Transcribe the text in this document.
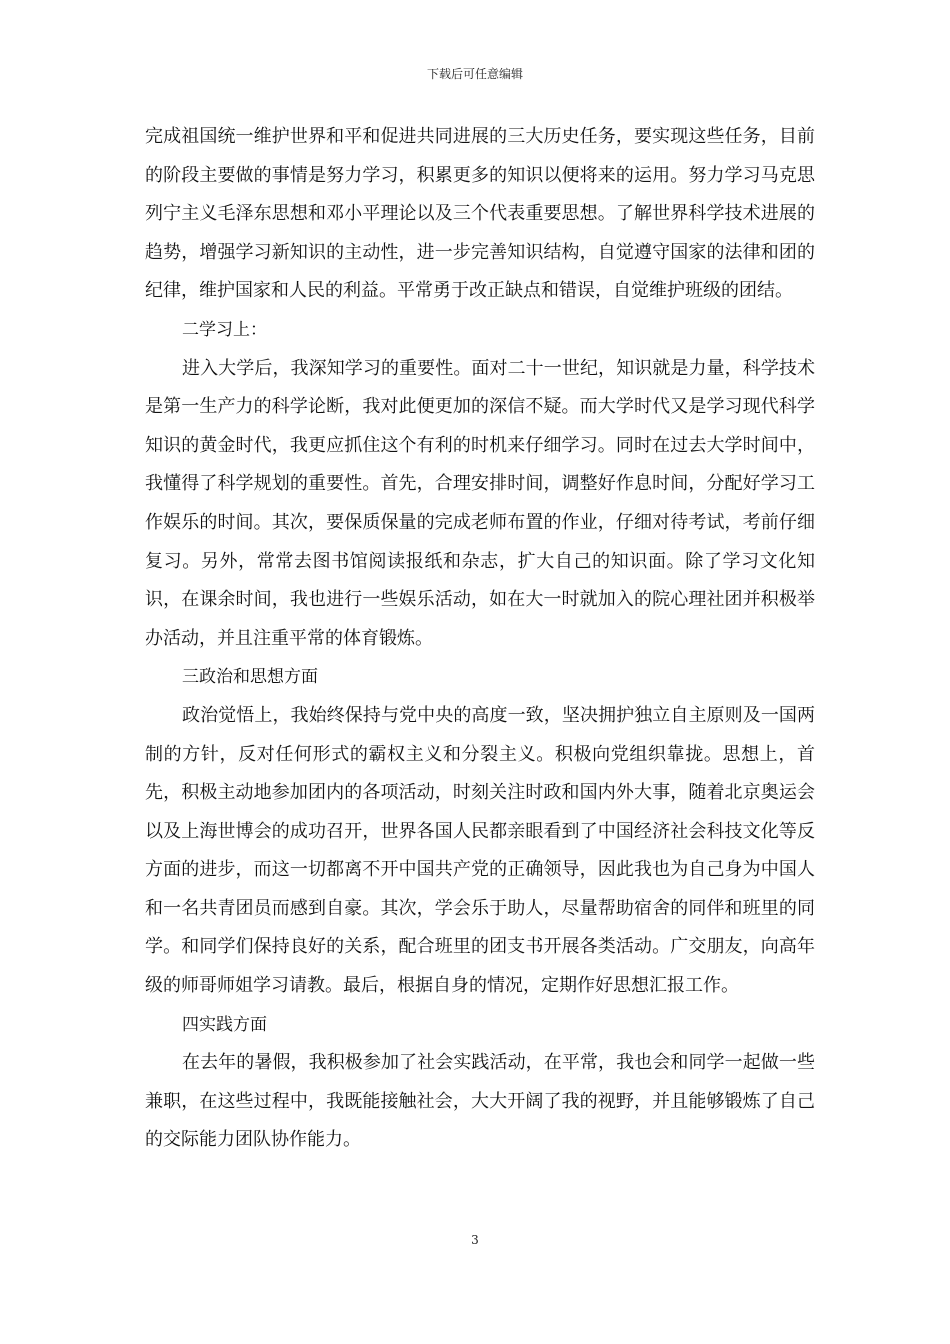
下载后可任意编辑

完成祖国统一维护世界和平和促进共同进展的三大历史任务，要实现这些任务，目前的阶段主要做的事情是努力学习，积累更多的知识以便将来的运用。努力学习马克思列宁主义毛泽东思想和邓小平理论以及三个代表重要思想。了解世界科学技术进展的趋势，增强学习新知识的主动性，进一步完善知识结构，自觉遵守国家的法律和团的纪律，维护国家和人民的利益。平常勇于改正缺点和错误，自觉维护班级的团结。

二学习上：

进入大学后，我深知学习的重要性。面对二十一世纪，知识就是力量，科学技术是第一生产力的科学论断，我对此便更加的深信不疑。而大学时代又是学习现代科学知识的黄金时代，我更应抓住这个有利的时机来仔细学习。同时在过去大学时间中，我懂得了科学规划的重要性。首先，合理安排时间，调整好作息时间，分配好学习工作娱乐的时间。其次，要保质保量的完成老师布置的作业，仔细对待考试，考前仔细复习。另外，常常去图书馆阅读报纸和杂志，扩大自己的知识面。除了学习文化知识，在课余时间，我也进行一些娱乐活动，如在大一时就加入的院心理社团并积极举办活动，并且注重平常的体育锻炼。

三政治和思想方面

政治觉悟上，我始终保持与党中央的高度一致，坚决拥护独立自主原则及一国两制的方针，反对任何形式的霸权主义和分裂主义。积极向党组织靠拢。思想上，首先，积极主动地参加团内的各项活动，时刻关注时政和国内外大事，随着北京奥运会以及上海世博会的成功召开，世界各国人民都亲眼看到了中国经济社会科技文化等反方面的进步，而这一切都离不开中国共产党的正确领导，因此我也为自己身为中国人和一名共青团员而感到自豪。其次，学会乐于助人，尽量帮助宿舍的同伴和班里的同学。和同学们保持良好的关系，配合班里的团支书开展各类活动。广交朋友，向高年级的师哥师姐学习请教。最后，根据自身的情况，定期作好思想汇报工作。

四实践方面

在去年的暑假，我积极参加了社会实践活动，在平常，我也会和同学一起做一些兼职，在这些过程中，我既能接触社会，大大开阔了我的视野，并且能够锻炼了自己的交际能力团队协作能力。

3
